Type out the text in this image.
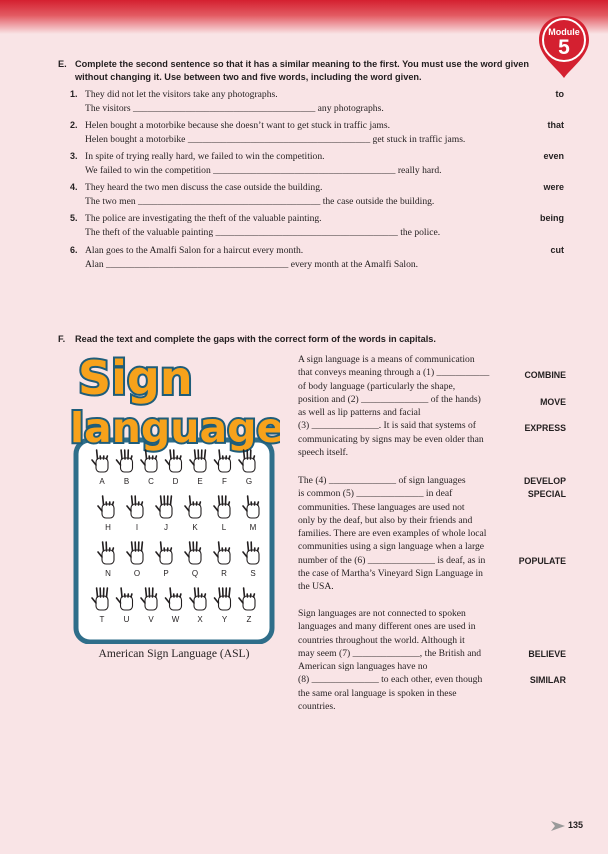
Module
5
E. Complete the second sentence so that it has a similar meaning to the first. You must use the word given without changing it. Use between two and five words, including the word given.
1. They did not let the visitors take any photographs.
The visitors ______________________________________ any photographs.
to
2. Helen bought a motorbike because she doesn’t want to get stuck in traffic jams.
Helen bought a motorbike ______________________________________ get stuck in traffic jams.
that
3. In spite of trying really hard, we failed to win the competition.
We failed to win the competition ______________________________________ really hard.
even
4. They heard the two men discuss the case outside the building.
The two men ______________________________________ the case outside the building.
were
5. The police are investigating the theft of the valuable painting.
The theft of the valuable painting ______________________________________ the police.
being
6. Alan goes to the Amalfi Salon for a haircut every month.
Alan ______________________________________ every month at the Amalfi Salon.
cut
F.	Read the text and complete the gaps with the correct form of the words in capitals.
Sign
language
A B C D E F G
H	I	J	K	L	M
N	O	P	Q	R	S
T U V W X Y Z
American Sign Language (ASL)
A sign language is a means of communication
that conveys meaning through a (1) ___________
of body language (particularly the shape,
position and (2) ______________ of the hands)
as well as lip patterns and facial
(3) ______________. It is said that systems of
communicating by signs may be even older than
speech itself.
The (4) ______________ of sign languages
is common (5) ______________ in deaf
communities. These languages are used not
only by the deaf, but also by their friends and
families. There are even examples of whole local
communities using a sign language when a large
number of the (6) ______________ is deaf, as in
the case of Martha’s Vineyard Sign Language in
the USA.
Sign languages are not connected to spoken
languages and many different ones are used in
countries throughout the world. Although it
may seem (7) ______________, the British and
American sign languages have no
(8) ______________ to each other, even though
the same oral language is spoken in these
countries.
COMBINE
MOVE
EXPRESS
DEVELOP
SPECIAL
POPULATE
BELIEVE
SIMILAR
135
